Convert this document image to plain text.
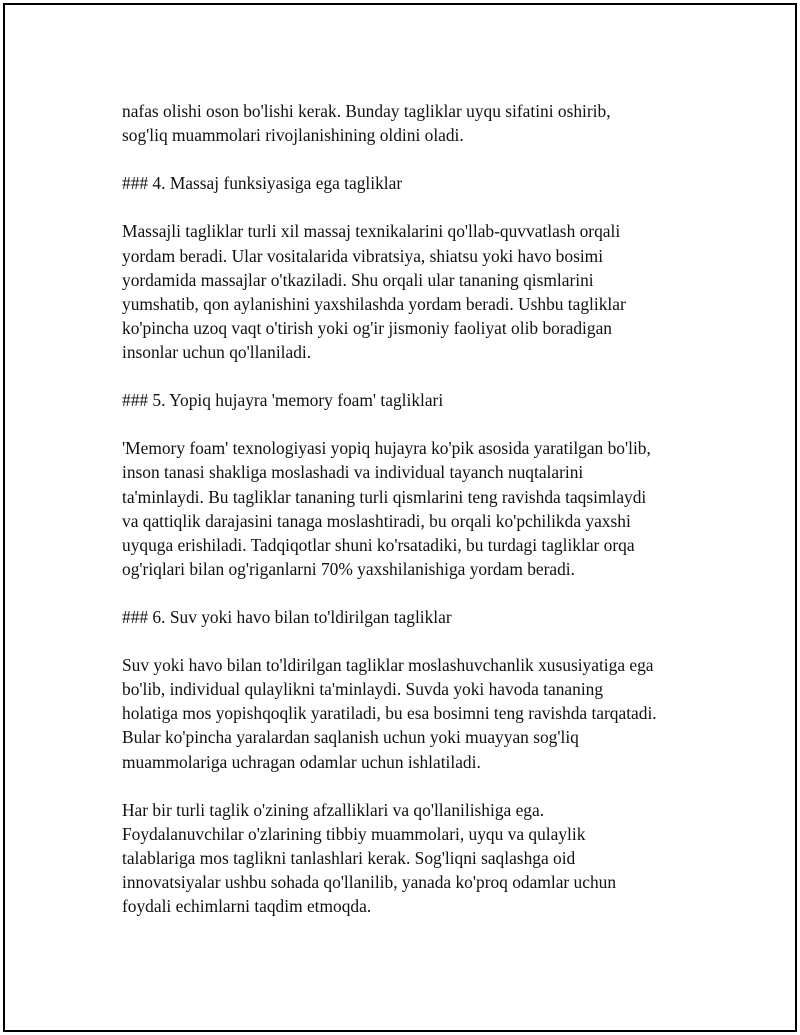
nafas olishi oson bo'lishi kerak. Bunday tagliklar uyqu sifatini oshirib,

sog'liq muammolari rivojlanishining oldini oladi.

### 4. Massaj funksiyasiga ega tagliklar

Massajli tagliklar turli xil massaj texnikalarini qo'llab-quvvatlash orqali

yordam beradi. Ular vositalarida vibratsiya, shiatsu yoki havo bosimi

yordamida massajlar o'tkaziladi. Shu orqali ular tananing qismlarini

yumshatib, qon aylanishini yaxshilashda yordam beradi. Ushbu tagliklar

ko'pincha uzoq vaqt o'tirish yoki og'ir jismoniy faoliyat olib boradigan

insonlar uchun qo'llaniladi.

### 5. Yopiq hujayra 'memory foam' tagliklari

'Memory foam' texnologiyasi yopiq hujayra ko'pik asosida yaratilgan bo'lib,

inson tanasi shakliga moslashadi va individual tayanch nuqtalarini

ta'minlaydi. Bu tagliklar tananing turli qismlarini teng ravishda taqsimlaydi

va qattiqlik darajasini tanaga moslashtiradi, bu orqali ko'pchilikda yaxshi

uyquga erishiladi. Tadqiqotlar shuni ko'rsatadiki, bu turdagi tagliklar orqa

og'riqlari bilan og'riganlarni 70% yaxshilanishiga yordam beradi.

### 6. Suv yoki havo bilan to'ldirilgan tagliklar

Suv yoki havo bilan to'ldirilgan tagliklar moslashuvchanlik xususiyatiga ega

bo'lib, individual qulaylikni ta'minlaydi. Suvda yoki havoda tananing

holatiga mos yopishqoqlik yaratiladi, bu esa bosimni teng ravishda tarqatadi.

Bular ko'pincha yaralardan saqlanish uchun yoki muayyan sog'liq

muammolariga uchragan odamlar uchun ishlatiladi.

Har bir turli taglik o'zining afzalliklari va qo'llanilishiga ega.

Foydalanuvchilar o'zlarining tibbiy muammolari, uyqu va qulaylik

talablariga mos taglikni tanlashlari kerak. Sog'liqni saqlashga oid

innovatsiyalar ushbu sohada qo'llanilib, yanada ko'proq odamlar uchun

foydali echimlarni taqdim etmoqda.
